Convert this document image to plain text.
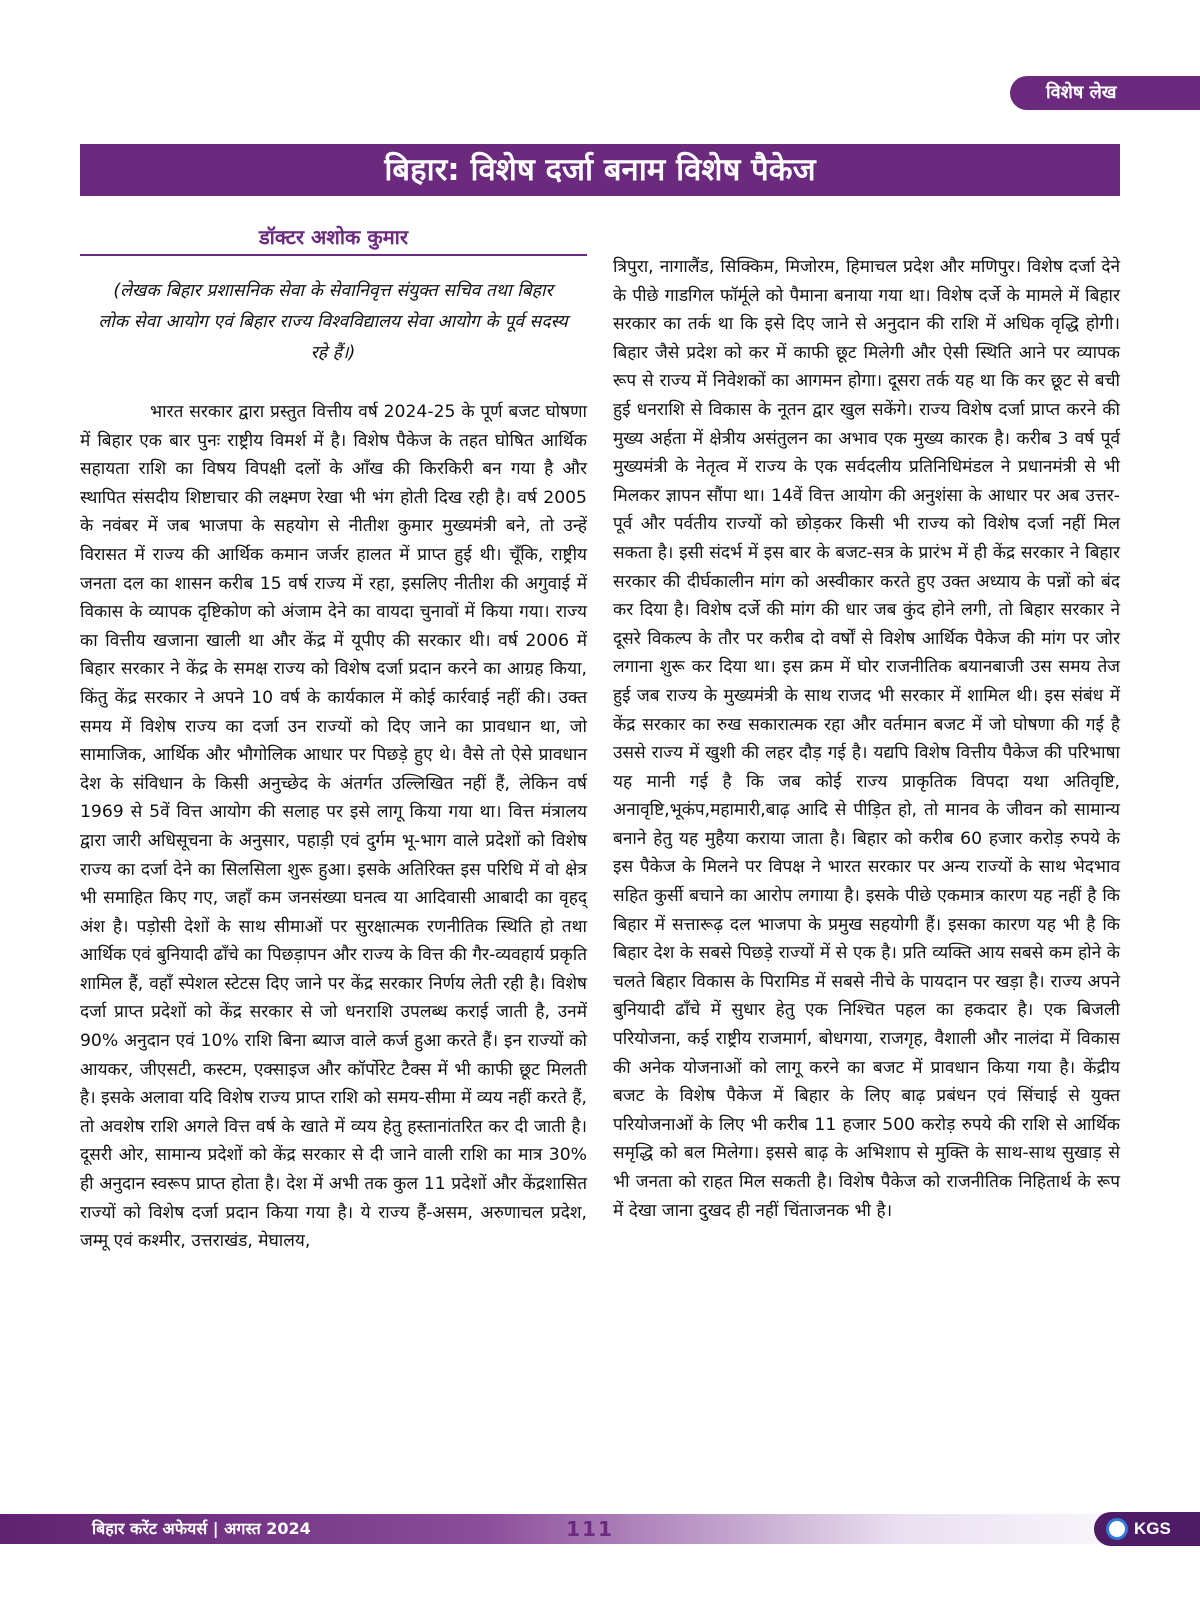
विशेष लेख
बिहार: विशेष दर्जा बनाम विशेष पैकेज
डॉक्टर अशोक कुमार
(लेखक बिहार प्रशासनिक सेवा के सेवानिवृत्त संयुक्त सचिव तथा बिहार लोक सेवा आयोग एवं बिहार राज्य विश्वविद्यालय सेवा आयोग के पूर्व सदस्य रहे हैं।)

भारत सरकार द्वारा प्रस्तुत वित्तीय वर्ष 2024-25 के पूर्ण बजट घोषणा में बिहार एक बार पुनः राष्ट्रीय विमर्श में है। विशेष पैकेज के तहत घोषित आर्थिक सहायता राशि का विषय विपक्षी दलों के आँख की किरकिरी बन गया है और स्थापित संसदीय शिष्टाचार की लक्ष्मण रेखा भी भंग होती दिख रही है। वर्ष 2005 के नवंबर में जब भाजपा के सहयोग से नीतीश कुमार मुख्यमंत्री बने, तो उन्हें विरासत में राज्य की आर्थिक कमान जर्जर हालत में प्राप्त हुई थी। चूँकि, राष्ट्रीय जनता दल का शासन करीब 15 वर्ष राज्य में रहा, इसलिए नीतीश की अगुवाई में विकास के व्यापक दृष्टिकोण को अंजाम देने का वायदा चुनावों में किया गया। राज्य का वित्तीय खजाना खाली था और केंद्र में यूपीए की सरकार थी। वर्ष 2006 में बिहार सरकार ने केंद्र के समक्ष राज्य को विशेष दर्जा प्रदान करने का आग्रह किया, किंतु केंद्र सरकार ने अपने 10 वर्ष के कार्यकाल में कोई कार्रवाई नहीं की। उक्त समय में विशेष राज्य का दर्जा उन राज्यों को दिए जाने का प्रावधान था, जो सामाजिक, आर्थिक और भौगोलिक आधार पर पिछड़े हुए थे। वैसे तो ऐसे प्रावधान देश के संविधान के किसी अनुच्छेद के अंतर्गत उल्लिखित नहीं हैं, लेकिन वर्ष 1969 से 5वें वित्त आयोग की सलाह पर इसे लागू किया गया था। वित्त मंत्रालय द्वारा जारी अधिसूचना के अनुसार, पहाड़ी एवं दुर्गम भू-भाग वाले प्रदेशों को विशेष राज्य का दर्जा देने का सिलसिला शुरू हुआ। इसके अतिरिक्त इस परिधि में वो क्षेत्र भी समाहित किए गए, जहाँ कम जनसंख्या घनत्व या आदिवासी आबादी का वृहद् अंश है। पड़ोसी देशों के साथ सीमाओं पर सुरक्षात्मक रणनीतिक स्थिति हो तथा आर्थिक एवं बुनियादी ढाँचे का पिछड़ापन और राज्य के वित्त की गैर-व्यवहार्य प्रकृति शामिल हैं, वहाँ स्पेशल स्टेटस दिए जाने पर केंद्र सरकार निर्णय लेती रही है। विशेष दर्जा प्राप्त प्रदेशों को केंद्र सरकार से जो धनराशि उपलब्ध कराई जाती है, उनमें 90% अनुदान एवं 10% राशि बिना ब्याज वाले कर्ज हुआ करते हैं। इन राज्यों को आयकर, जीएसटी, कस्टम, एक्साइज और कॉर्पोरेट टैक्स में भी काफी छूट मिलती है। इसके अलावा यदि विशेष राज्य प्राप्त राशि को समय-सीमा में व्यय नहीं करते हैं, तो अवशेष राशि अगले वित्त वर्ष के खाते में व्यय हेतु हस्तानांतरित कर दी जाती है। दूसरी ओर, सामान्य प्रदेशों को केंद्र सरकार से दी जाने वाली राशि का मात्र 30% ही अनुदान स्वरूप प्राप्त होता है। देश में अभी तक कुल 11 प्रदेशों और केंद्रशासित राज्यों को विशेष दर्जा प्रदान किया गया है। ये राज्य हैं-असम, अरुणाचल प्रदेश, जम्मू एवं कश्मीर, उत्तराखंड, मेघालय,

त्रिपुरा, नागालैंड, सिक्किम, मिजोरम, हिमाचल प्रदेश और मणिपुर। विशेष दर्जा देने के पीछे गाडगिल फॉर्मूले को पैमाना बनाया गया था। विशेष दर्जे के मामले में बिहार सरकार का तर्क था कि इसे दिए जाने से अनुदान की राशि में अधिक वृद्धि होगी। बिहार जैसे प्रदेश को कर में काफी छूट मिलेगी और ऐसी स्थिति आने पर व्यापक रूप से राज्य में निवेशकों का आगमन होगा। दूसरा तर्क यह था कि कर छूट से बची हुई धनराशि से विकास के नूतन द्वार खुल सकेंगे। राज्य विशेष दर्जा प्राप्त करने की मुख्य अर्हता में क्षेत्रीय असंतुलन का अभाव एक मुख्य कारक है। करीब 3 वर्ष पूर्व मुख्यमंत्री के नेतृत्व में राज्य के एक सर्वदलीय प्रतिनिधिमंडल ने प्रधानमंत्री से भी मिलकर ज्ञापन सौंपा था। 14वें वित्त आयोग की अनुशंसा के आधार पर अब उत्तर-पूर्व और पर्वतीय राज्यों को छोड़कर किसी भी राज्य को विशेष दर्जा नहीं मिल सकता है। इसी संदर्भ में इस बार के बजट-सत्र के प्रारंभ में ही केंद्र सरकार ने बिहार सरकार की दीर्घकालीन मांग को अस्वीकार करते हुए उक्त अध्याय के पन्नों को बंद कर दिया है। विशेष दर्जे की मांग की धार जब कुंद होने लगी, तो बिहार सरकार ने दूसरे विकल्प के तौर पर करीब दो वर्षों से विशेष आर्थिक पैकेज की मांग पर जोर लगाना शुरू कर दिया था। इस क्रम में घोर राजनीतिक बयानबाजी उस समय तेज हुई जब राज्य के मुख्यमंत्री के साथ राजद भी सरकार में शामिल थी। इस संबंध में केंद्र सरकार का रुख सकारात्मक रहा और वर्तमान बजट में जो घोषणा की गई है उससे राज्य में खुशी की लहर दौड़ गई है। यद्यपि विशेष वित्तीय पैकेज की परिभाषा यह मानी गई है कि जब कोई राज्य प्राकृतिक विपदा यथा अतिवृष्टि, अनावृष्टि,भूकंप,महामारी,बाढ़ आदि से पीड़ित हो, तो मानव के जीवन को सामान्य बनाने हेतु यह मुहैया कराया जाता है। बिहार को करीब 60 हजार करोड़ रुपये के इस पैकेज के मिलने पर विपक्ष ने भारत सरकार पर अन्य राज्यों के साथ भेदभाव सहित कुर्सी बचाने का आरोप लगाया है। इसके पीछे एकमात्र कारण यह नहीं है कि बिहार में सत्तारूढ़ दल भाजपा के प्रमुख सहयोगी हैं। इसका कारण यह भी है कि बिहार देश के सबसे पिछड़े राज्यों में से एक है। प्रति व्यक्ति आय सबसे कम होने के चलते बिहार विकास के पिरामिड में सबसे नीचे के पायदान पर खड़ा है। राज्य अपने बुनियादी ढाँचे में सुधार हेतु एक निश्चित पहल का हकदार है। एक बिजली परियोजना, कई राष्ट्रीय राजमार्ग, बोधगया, राजगृह, वैशाली और नालंदा में विकास की अनेक योजनाओं को लागू करने का बजट में प्रावधान किया गया है। केंद्रीय बजट के विशेष पैकेज में बिहार के लिए बाढ़ प्रबंधन एवं सिंचाई से युक्त परियोजनाओं के लिए भी करीब 11 हजार 500 करोड़ रुपये की राशि से आर्थिक समृद्धि को बल मिलेगा। इससे बाढ़ के अभिशाप से मुक्ति के साथ-साथ सुखाड़ से भी जनता को राहत मिल सकती है। विशेष पैकेज को राजनीतिक निहितार्थ के रूप में देखा जाना दुखद ही नहीं चिंताजनक भी है।

बिहार करेंट अफेयर्स | अगस्त 2024	111	KGS
